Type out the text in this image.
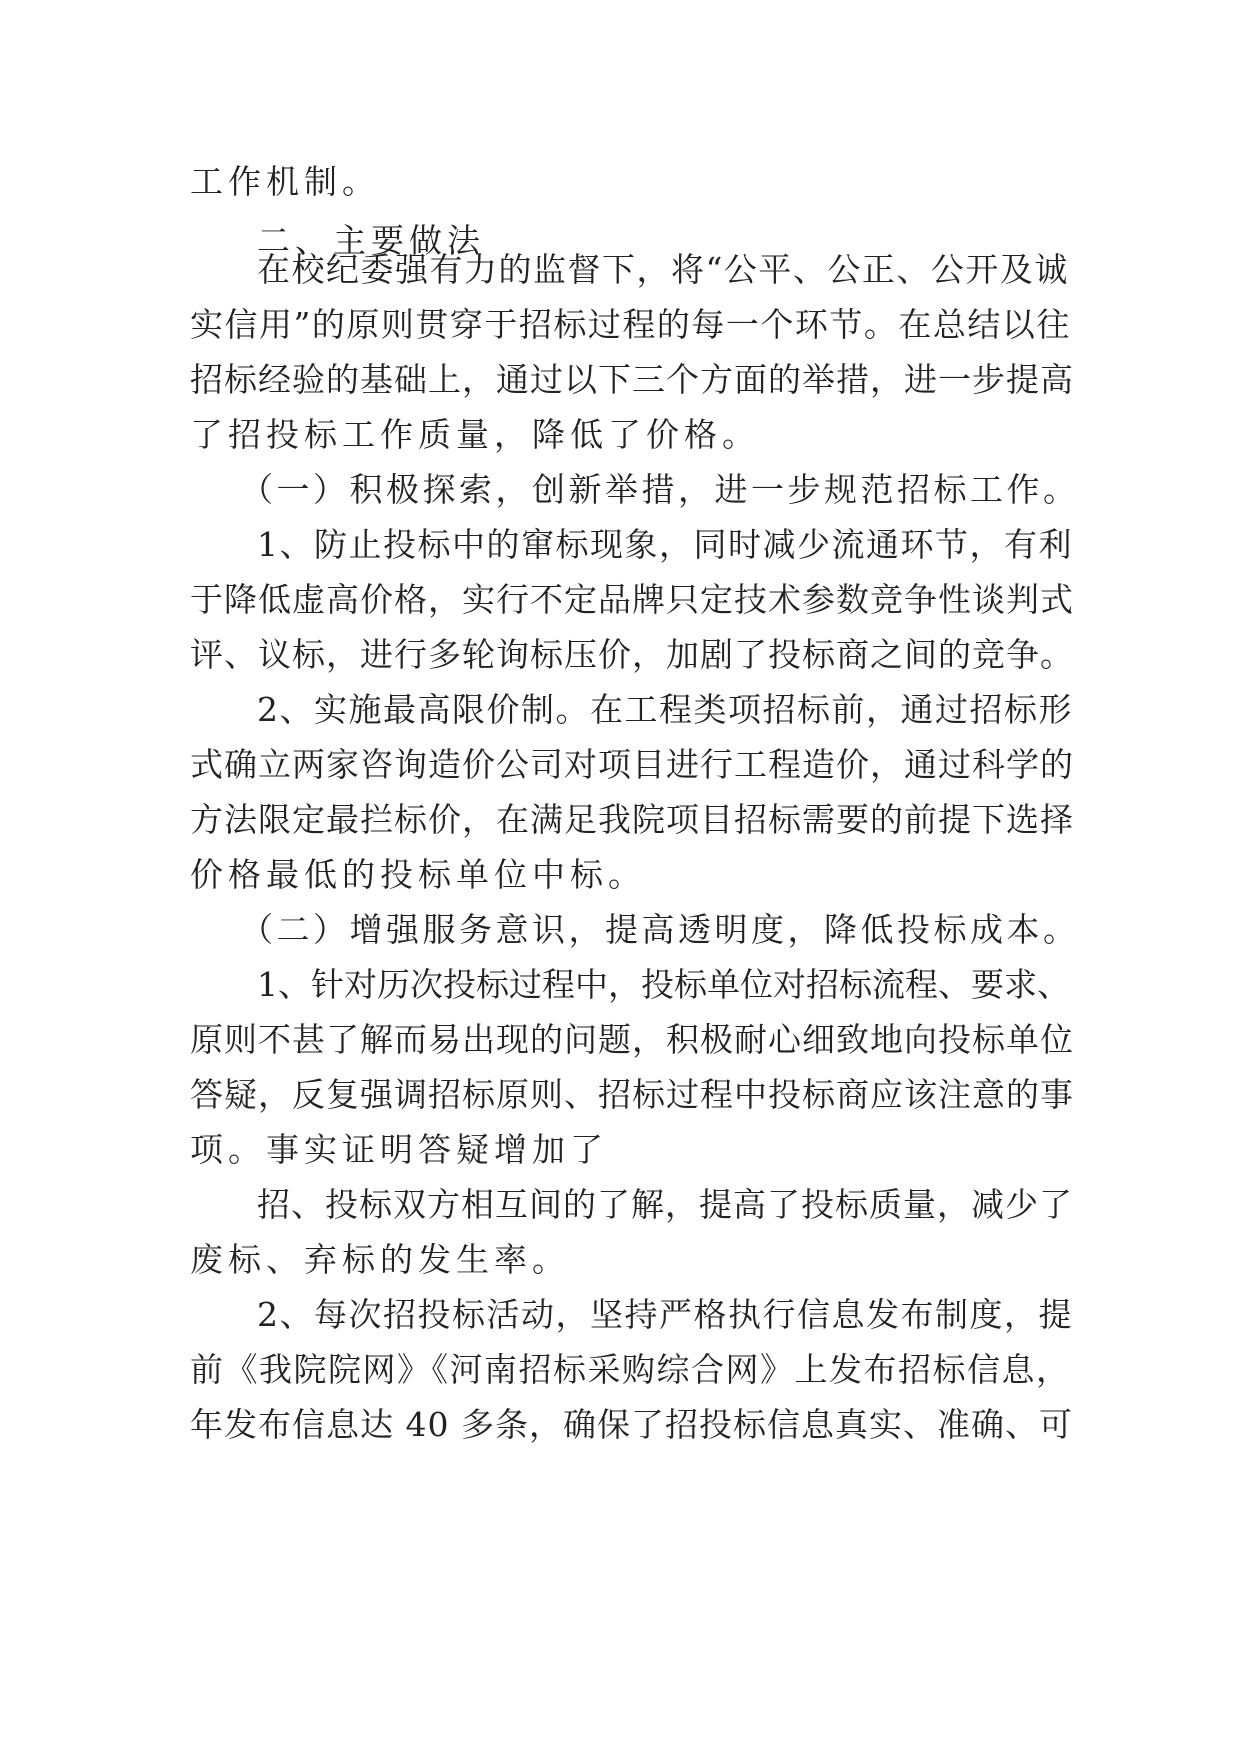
工作机制。

二、主要做法

在校纪委强有力的监督下，将“公平、公正、公开及诚

实信用”的原则贯穿于招标过程的每一个环节。在总结以往

招标经验的基础上，通过以下三个方面的举措，进一步提高

了招投标工作质量，降低了价格。

（一）积极探索，创新举措，进一步规范招标工作。

1、防止投标中的窜标现象，同时减少流通环节，有利

于降低虚高价格，实行不定品牌只定技术参数竞争性谈判式

评、议标，进行多轮询标压价，加剧了投标商之间的竞争。

2、实施最高限价制。在工程类项招标前，通过招标形

式确立两家咨询造价公司对项目进行工程造价，通过科学的

方法限定最拦标价，在满足我院项目招标需要的前提下选择

价格最低的投标单位中标。

（二）增强服务意识，提高透明度，降低投标成本。

1、针对历次投标过程中，投标单位对招标流程、要求、

原则不甚了解而易出现的问题，积极耐心细致地向投标单位

答疑，反复强调招标原则、招标过程中投标商应该注意的事

项。事实证明答疑增加了

招、投标双方相互间的了解，提高了投标质量，减少了

废标、弃标的发生率。

2、每次招投标活动，坚持严格执行信息发布制度，提

前《我院院网》《河南招标采购综合网》上发布招标信息，

年发布信息达 40 多条，确保了招投标信息真实、准确、可
